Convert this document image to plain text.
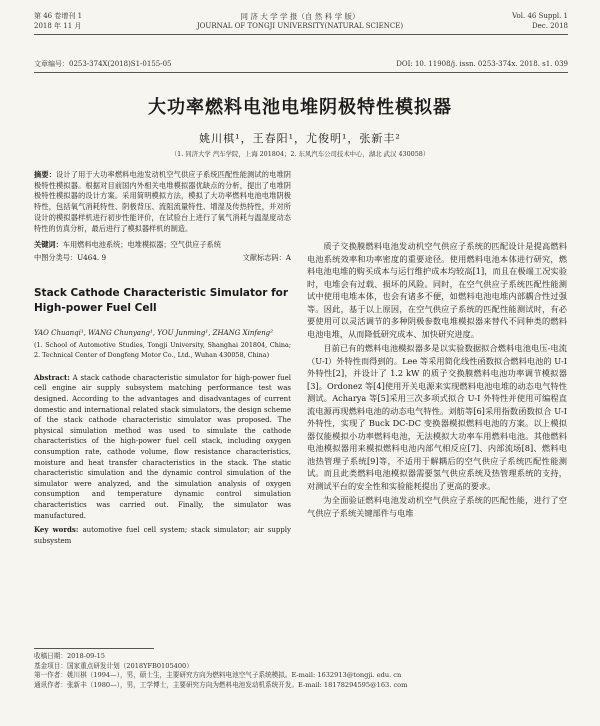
第 46 卷增刊 1
2018 年 11 月
同 济 大 学 学 报（自 然 科 学 版）
JOURNAL OF TONGJI UNIVERSITY(NATURAL SCIENCE)
Vol. 46 Suppl. 1
Dec. 2018
文章编号：0253-374X(2018)S1-0155-05	DOI: 10. 11908/j. issn. 0253-374x. 2018. s1. 039
大功率燃料电池电堆阴极特性模拟器
姚川棋¹，王春阳¹，尤俊明¹，张新丰²
（1. 同济大学 汽车学院，上海 201804；2. 东风汽车公司技术中心，湖北 武汉 430058）
摘要：设计了用于大功率燃料电池发动机空气供应子系统匹配性能测试的电堆阴极特性模拟器。根据对目前国内外相关电堆模拟器优缺点的分析，提出了电堆阴极特性模拟器的设计方案。采用简明模拟方法，模拟了大功率燃料电池电堆阴极特性，包括氧气消耗特性、阴极背压、流阻流量特性、增湿及传热特性，并对所设计的模拟器样机进行初步性能评价，在试验台上进行了氧气消耗与温湿度动态特性的仿真分析，最后进行了模拟器样机的制造。
关键词：车用燃料电池系统；电堆模拟器；空气供应子系统
中图分类号：U464. 9	文献标志码：A
Stack Cathode Characteristic Simulator for High-power Fuel Cell
YAO Chuanqi¹, WANG Chunyang¹, YOU Junming¹, ZHANG Xinfeng²
(1. School of Automotive Studies, Tongji University, Shanghai 201804, China; 2. Technical Center of Dongfeng Motor Co., Ltd., Wuhan 430058, China)
Abstract: A stack cathode characteristic simulator for high-power fuel cell engine air supply subsystem matching performance test was designed. According to the advantages and disadvantages of current domestic and international related stack simulators, the design scheme of the stack cathode characteristic simulator was proposed. The physical simulation method was used to simulate the cathode characteristics of the high-power fuel cell stack, including oxygen consumption rate, cathode volume, flow resistance characteristics, moisture and heat transfer characteristics in the stack. The static characteristic simulation and the dynamic control simulation of the simulator were analyzed, and the simulation analysis of oxygen consumption and temperature dynamic control simulation characteristics was carried out. Finally, the simulator was manufactured.
Key words: automotive fuel cell system; stack simulator; air supply subsystem
质子交换膜燃料电池发动机空气供应子系统的匹配设计是提高燃料电池系统效率和功率密度的重要途径。使用燃料电池本体进行研究，燃料电池电堆的购买成本与运行维护成本均较高[1]，而且在极端工况实验时，电堆会有过载、损坏的风险。同时，在空气供应子系统匹配性能测试中使用电堆本体，也会有诸多不便，如燃料电池电堆内部耦合性过强等。因此，基于以上原因，在空气供应子系统的匹配性能测试时，有必要使用可以灵活调节的多种阴极参数电堆模拟器来替代不同种类的燃料电池电堆，从而降低研究成本、加快研究进度。
目前已有的燃料电池模拟器多是以实验数据拟合燃料电池电压-电流（U-I）外特性而得到的。Lee 等采用简化线性函数拟合燃料电池的 U-I 外特性[2]，并设计了 1.2 kW 的质子交换膜燃料电池功率调节模拟器[3]。Ordonez 等[4]使用开关电源来实现燃料电池电堆的动态电气特性测试。Acharya 等[5]采用三次多项式拟合 U-I 外特性并使用可编程直流电源再现燃料电池的动态电气特性。刘舫等[6]采用指数函数拟合 U-I 外特性，实现了 Buck DC-DC 变换器模拟燃料电池的方案。以上模拟器仅能模拟小功率燃料电池，无法模拟大功率车用燃料电池。其他燃料电池模拟器用来模拟燃料电池内部气相反应[7]、内部流场[8]、燃料电池热管理子系统[9]等，不适用于解耦后的空气供应子系统匹配性能测试。而且此类燃料电池模拟器需要氢气供应系统及热管理系统的支持，对测试平台的安全性和实验能耗提出了更高的要求。
为全面验证燃料电池发动机空气供应子系统的匹配性能，进行了空气供应子系统关键部件与电堆
收稿日期：2018-09-15
基金项目：国家重点研发计划（2018YFB0105400）
第一作者：姚川棋（1994—），男，硕士生，主要研究方向为燃料电池空气子系统模拟。E-mail: 1632913@tongji. edu. cn
通讯作者：张新丰（1980—），男，工学博士，主要研究方向为燃料电池发动机系统开发。E-mail: 18178294595@163. com
